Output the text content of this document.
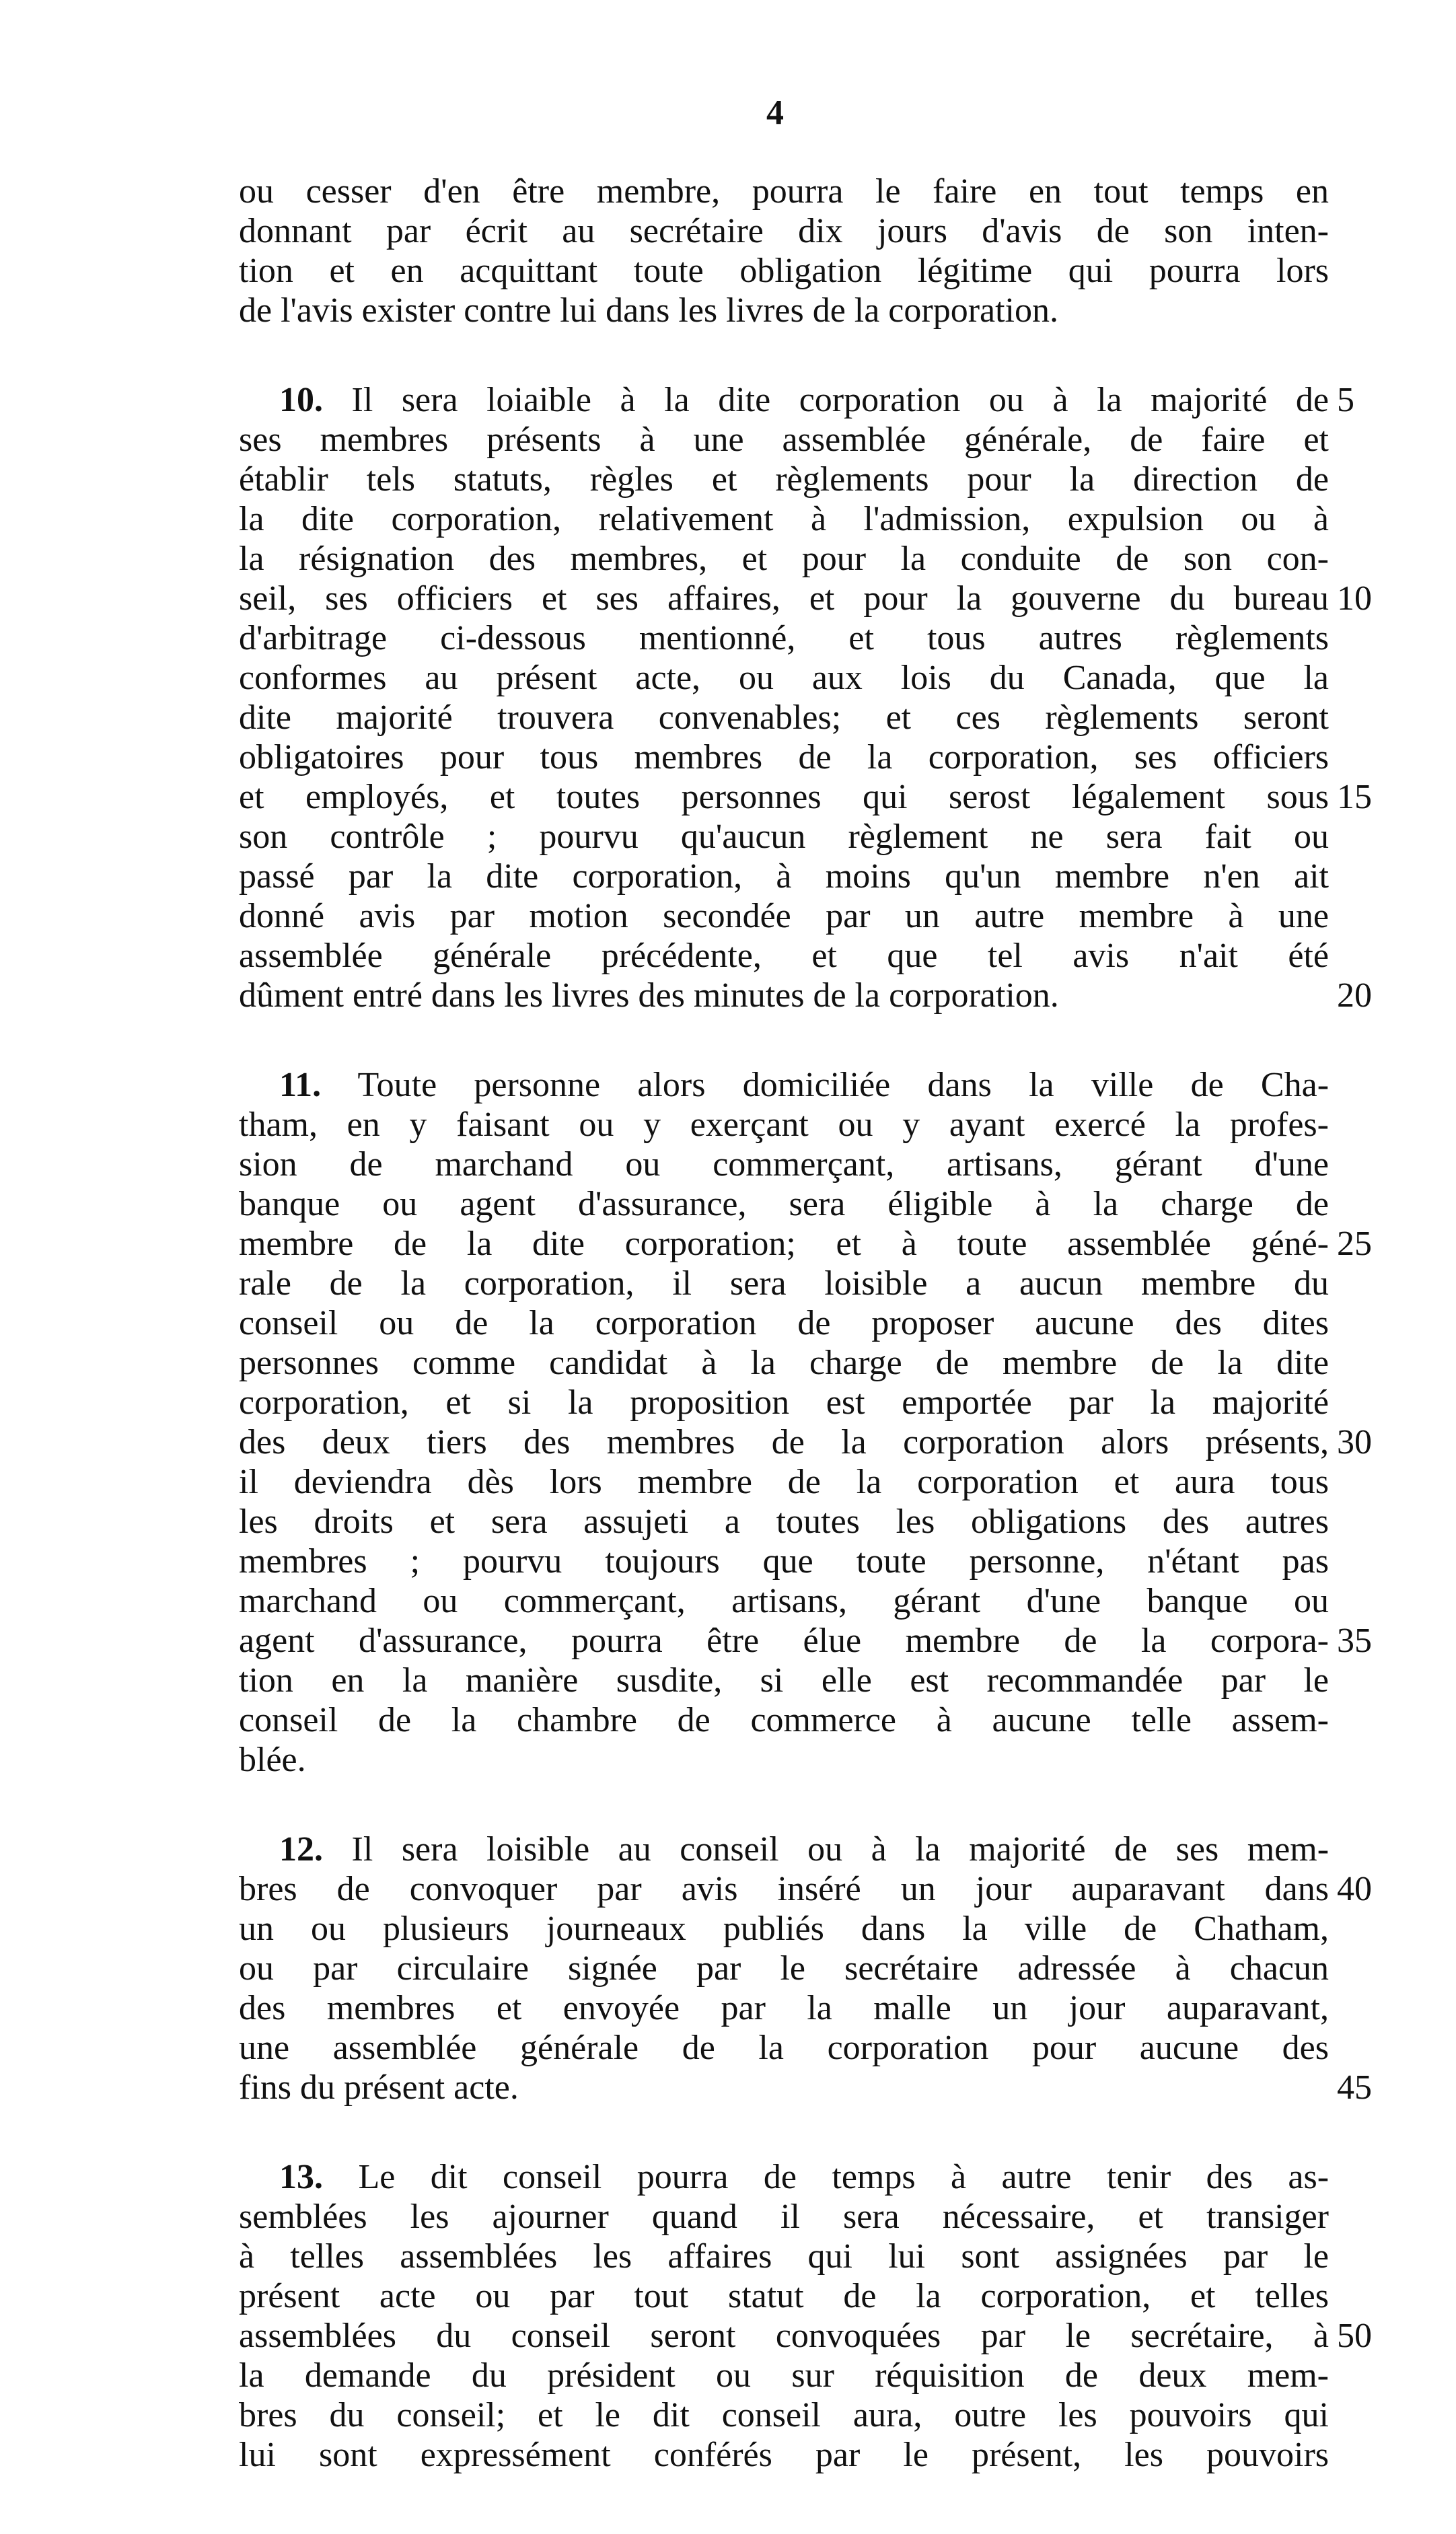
4
ou cesser d'en être membre, pourra le faire en tout temps en
donnant par écrit au secrétaire dix jours d'avis de son inten-
tion et en acquittant toute obligation légitime qui pourra lors
de l'avis exister contre lui dans les livres de la corporation.
10. Il sera loiaible à la dite corporation ou à la majorité de 5
ses membres présents à une assemblée générale, de faire et
établir tels statuts, règles et règlements pour la direction de
la dite corporation, relativement à l'admission, expulsion ou à
la résignation des membres, et pour la conduite de son con-
seil, ses officiers et ses affaires, et pour la gouverne du bureau 10
d'arbitrage ci-dessous mentionné, et tous autres règlements
conformes au présent acte, ou aux lois du Canada, que la
dite majorité trouvera convenables; et ces règlements seront
obligatoires pour tous membres de la corporation, ses officiers
et employés, et toutes personnes qui serost légalement sous 15
son contrôle ; pourvu qu'aucun règlement ne sera fait ou
passé par la dite corporation, à moins qu'un membre n'en ait
donné avis par motion secondée par un autre membre à une
assemblée générale précédente, et que tel avis n'ait été
dûment entré dans les livres des minutes de la corporation.	20
11. Toute personne alors domiciliée dans la ville de Cha-
tham, en y faisant ou y exerçant ou y ayant exercé la profes-
sion de marchand ou commerçant, artisans, gérant d'une
banque ou agent d'assurance, sera éligible à la charge de
membre de la dite corporation; et à toute assemblée géné- 25
rale de la corporation, il sera loisible a aucun membre du
conseil ou de la corporation de proposer aucune des dites
personnes comme candidat à la charge de membre de la dite
corporation, et si la proposition est emportée par la majorité
des deux tiers des membres de la corporation alors présents, 30
il deviendra dès lors membre de la corporation et aura tous
les droits et sera assujeti a toutes les obligations des autres
membres ; pourvu toujours que toute personne, n'étant pas
marchand ou commerçant, artisans, gérant d'une banque ou
agent d'assurance, pourra être élue membre de la corpora- 35
tion en la manière susdite, si elle est recommandée par le
conseil de la chambre de commerce à aucune telle assem-
blée.
12. Il sera loisible au conseil ou à la majorité de ses mem-
bres de convoquer par avis inséré un jour auparavant dans 40
un ou plusieurs journeaux publiés dans la ville de Chatham,
ou par circulaire signée par le secrétaire adressée à chacun
des membres et envoyée par la malle un jour auparavant,
une assemblée générale de la corporation pour aucune des
fins du présent acte.	45
13. Le dit conseil pourra de temps à autre tenir des as-
semblées les ajourner quand il sera nécessaire, et transiger
à telles assemblées les affaires qui lui sont assignées par le
présent acte ou par tout statut de la corporation, et telles
assemblées du conseil seront convoquées par le secrétaire, à 50
la demande du président ou sur réquisition de deux mem-
bres du conseil; et le dit conseil aura, outre les pouvoirs qui
lui sont expressément conférés par le présent, les pouvoirs
